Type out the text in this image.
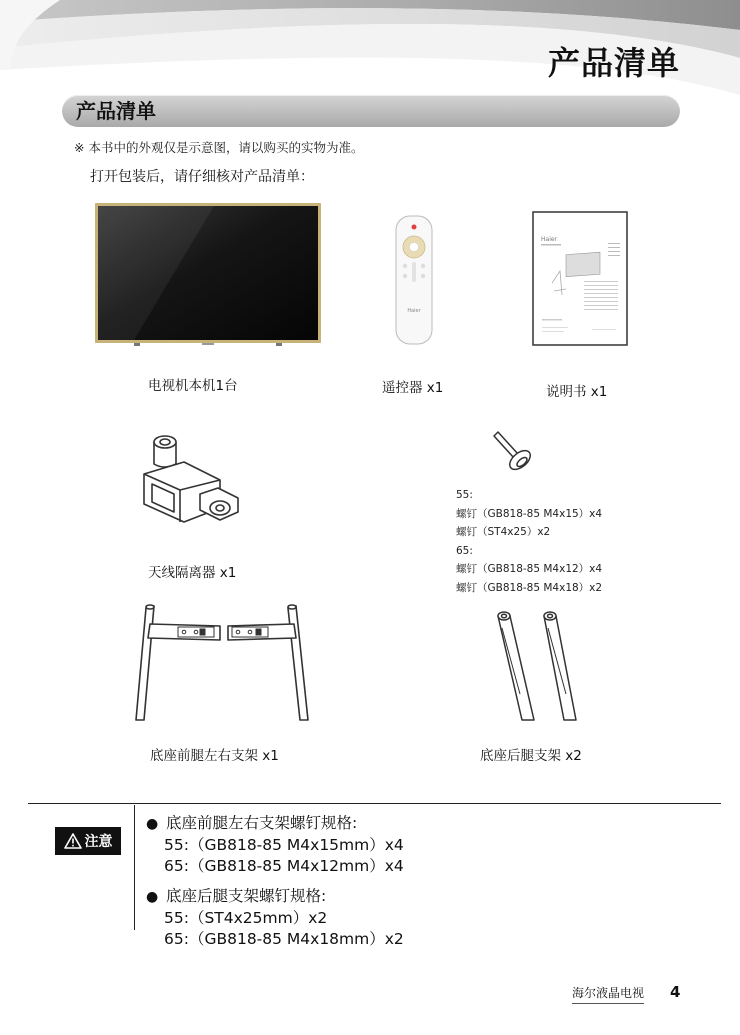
产品清单
产品清单
※ 本书中的外观仅是示意图，请以购买的实物为准。
打开包装后，请仔细核对产品清单：
电视机本机1台
Haier
遥控器 x1
Haier
说明书 x1
天线隔离器 x1
55:
螺钉（GB818-85 M4x15）x4
螺钉（ST4x25）x2
65:
螺钉（GB818-85 M4x12）x4
螺钉（GB818-85 M4x18）x2
底座前腿左右支架 x1	底座后腿支架 x2
注意
● 底座前腿左右支架螺钉规格:
55:（GB818-85 M4x15mm）x4
65:（GB818-85 M4x12mm）x4
● 底座后腿支架螺钉规格:
55:（ST4x25mm）x2
65:（GB818-85 M4x18mm）x2
海尔液晶电视 4
